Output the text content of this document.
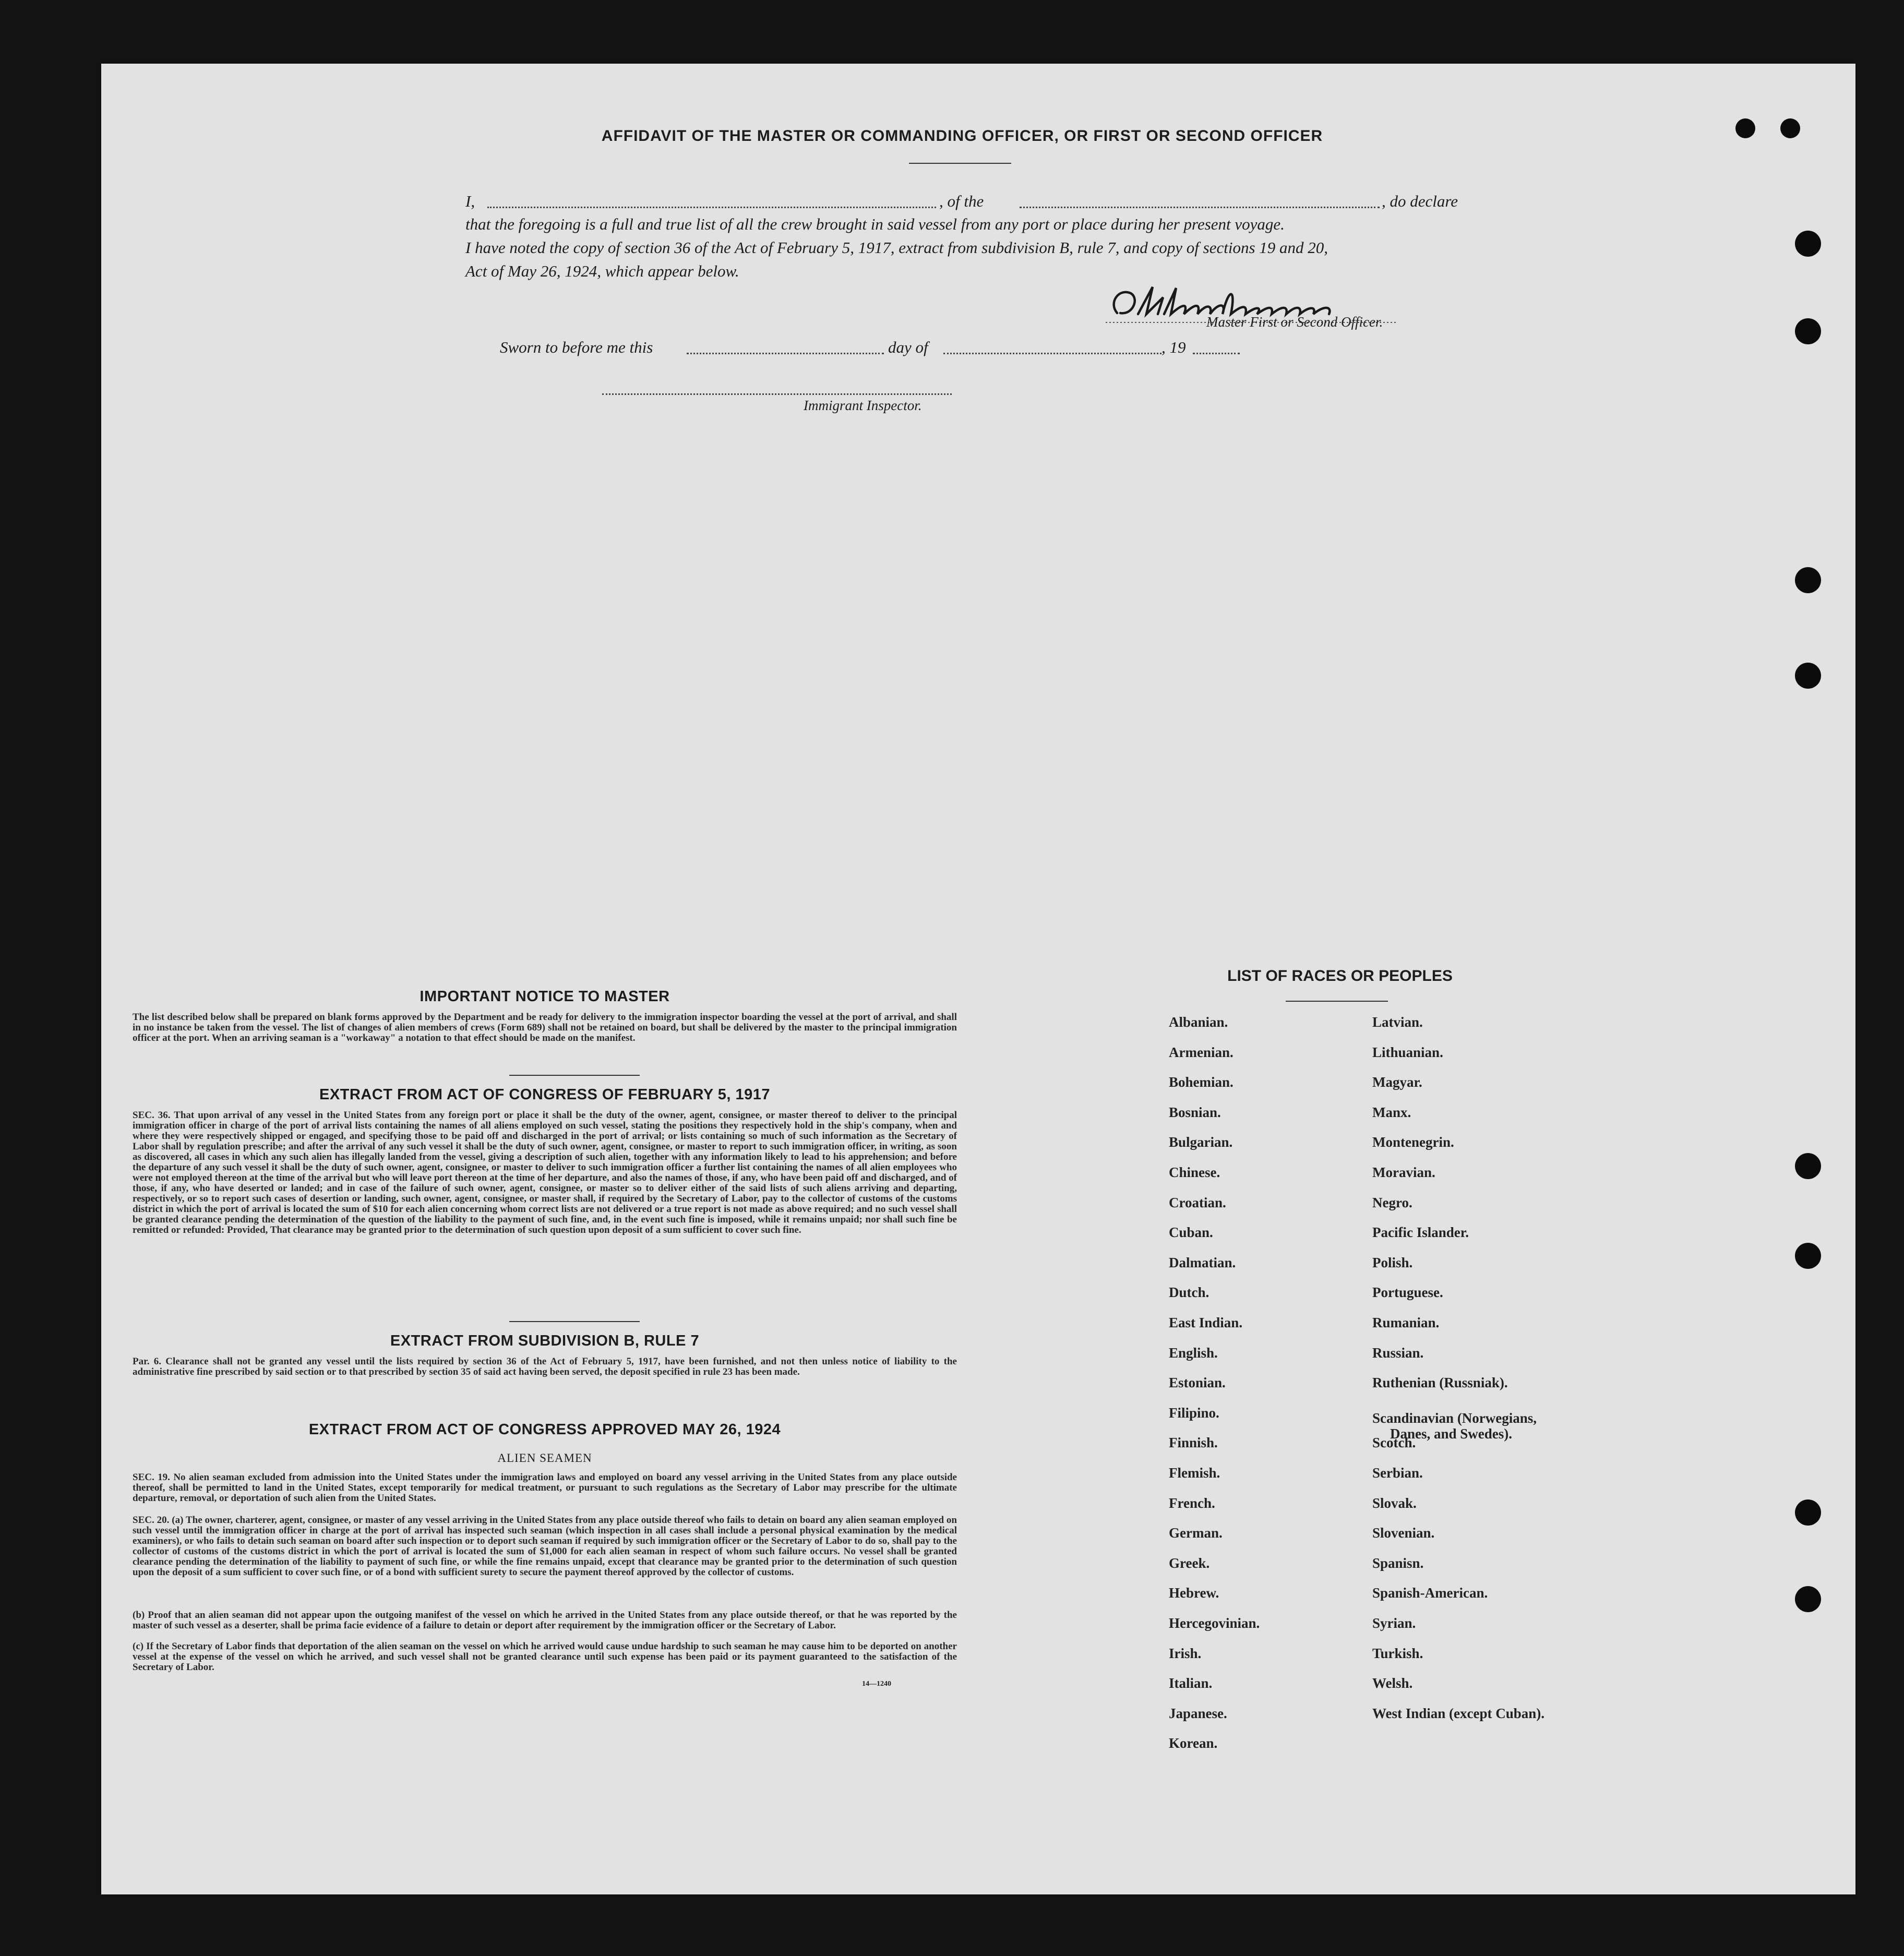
AFFIDAVIT OF THE MASTER OR COMMANDING OFFICER, OR FIRST OR SECOND OFFICER
I,	, of the	, do declare
that the foregoing is a full and true list of all the crew brought in said vessel from any port or place during her present voyage.
I have noted the copy of section 36 of the Act of February 5, 1917, extract from subdivision B, rule 7, and copy of sections 19 and 20,
Act of May 26, 1924, which appear below.
Master First or Second Officer.
Sworn to before me this	day of	, 19
Immigrant Inspector.
IMPORTANT NOTICE TO MASTER
The list described below shall be prepared on blank forms approved by the Department and be ready for delivery to the immigration inspector boarding the vessel at the port of arrival, and shall in no instance be taken from the vessel. The list of changes of alien members of crews (Form 689) shall not be retained on board, but shall be delivered by the master to the principal immigration officer at the port. When an arriving seaman is a "workaway" a notation to that effect should be made on the manifest.
EXTRACT FROM ACT OF CONGRESS OF FEBRUARY 5, 1917
SEC. 36. That upon arrival of any vessel in the United States from any foreign port or place it shall be the duty of the owner, agent, consignee, or master thereof to deliver to the principal immigration officer in charge of the port of arrival lists containing the names of all aliens employed on such vessel, stating the positions they respectively hold in the ship's company, when and where they were respectively shipped or engaged, and specifying those to be paid off and discharged in the port of arrival; or lists containing so much of such information as the Secretary of Labor shall by regulation prescribe; and after the arrival of any such vessel it shall be the duty of such owner, agent, consignee, or master to report to such immigration officer, in writing, as soon as discovered, all cases in which any such alien has illegally landed from the vessel, giving a description of such alien, together with any information likely to lead to his apprehension; and before the departure of any such vessel it shall be the duty of such owner, agent, consignee, or master to deliver to such immigration officer a further list containing the names of all alien employees who were not employed thereon at the time of the arrival but who will leave port thereon at the time of her departure, and also the names of those, if any, who have been paid off and discharged, and of those, if any, who have deserted or landed; and in case of the failure of such owner, agent, consignee, or master so to deliver either of the said lists of such aliens arriving and departing, respectively, or so to report such cases of desertion or landing, such owner, agent, consignee, or master shall, if required by the Secretary of Labor, pay to the collector of customs of the customs district in which the port of arrival is located the sum of $10 for each alien concerning whom correct lists are not delivered or a true report is not made as above required; and no such vessel shall be granted clearance pending the determination of the question of the liability to the payment of such fine, and, in the event such fine is imposed, while it remains unpaid; nor shall such fine be remitted or refunded: Provided, That clearance may be granted prior to the determination of such question upon deposit of a sum sufficient to cover such fine.
EXTRACT FROM SUBDIVISION B, RULE 7
Par. 6. Clearance shall not be granted any vessel until the lists required by section 36 of the Act of February 5, 1917, have been furnished, and not then unless notice of liability to the administrative fine prescribed by said section or to that prescribed by section 35 of said act having been served, the deposit specified in rule 23 has been made.
EXTRACT FROM ACT OF CONGRESS APPROVED MAY 26, 1924
ALIEN SEAMEN
SEC. 19. No alien seaman excluded from admission into the United States under the immigration laws and employed on board any vessel arriving in the United States from any place outside thereof, shall be permitted to land in the United States, except temporarily for medical treatment, or pursuant to such regulations as the Secretary of Labor may prescribe for the ultimate departure, removal, or deportation of such alien from the United States.
SEC. 20. (a) The owner, charterer, agent, consignee, or master of any vessel arriving in the United States from any place outside thereof who fails to detain on board any alien seaman employed on such vessel until the immigration officer in charge at the port of arrival has inspected such seaman (which inspection in all cases shall include a personal physical examination by the medical examiners), or who fails to detain such seaman on board after such inspection or to deport such seaman if required by such immigration officer or the Secretary of Labor to do so, shall pay to the collector of customs of the customs district in which the port of arrival is located the sum of $1,000 for each alien seaman in respect of whom such failure occurs. No vessel shall be granted clearance pending the determination of the liability to payment of such fine, or while the fine remains unpaid, except that clearance may be granted prior to the determination of such question upon the deposit of a sum sufficient to cover such fine, or of a bond with sufficient surety to secure the payment thereof approved by the collector of customs.
(b) Proof that an alien seaman did not appear upon the outgoing manifest of the vessel on which he arrived in the United States from any place outside thereof, or that he was reported by the master of such vessel as a deserter, shall be prima facie evidence of a failure to detain or deport after requirement by the immigration officer or the Secretary of Labor.
(c) If the Secretary of Labor finds that deportation of the alien seaman on the vessel on which he arrived would cause undue hardship to such seaman he may cause him to be deported on another vessel at the expense of the vessel on which he arrived, and such vessel shall not be granted clearance until such expense has been paid or its payment guaranteed to the satisfaction of the Secretary of Labor.
14—1240
LIST OF RACES OR PEOPLES
Albanian.
Armenian.
Bohemian.
Bosnian.
Bulgarian.
Chinese.
Croatian.
Cuban.
Dalmatian.
Dutch.
East Indian.
English.
Estonian.
Filipino.
Finnish.
Flemish.
French.
German.
Greek.
Hebrew.
Hercegovinian.
Irish.
Italian.
Japanese.
Korean.
Latvian.
Lithuanian.
Magyar.
Manx.
Montenegrin.
Moravian.
Negro.
Pacific Islander.
Polish.
Portuguese.
Rumanian.
Russian.
Ruthenian (Russniak).
Scandinavian (Norwegians,
Danes, and Swedes).
Scotch.
Serbian.
Slovak.
Slovenian.
Spanisn.
Spanish-American.
Syrian.
Turkish.
Welsh.
West Indian (except Cuban).
